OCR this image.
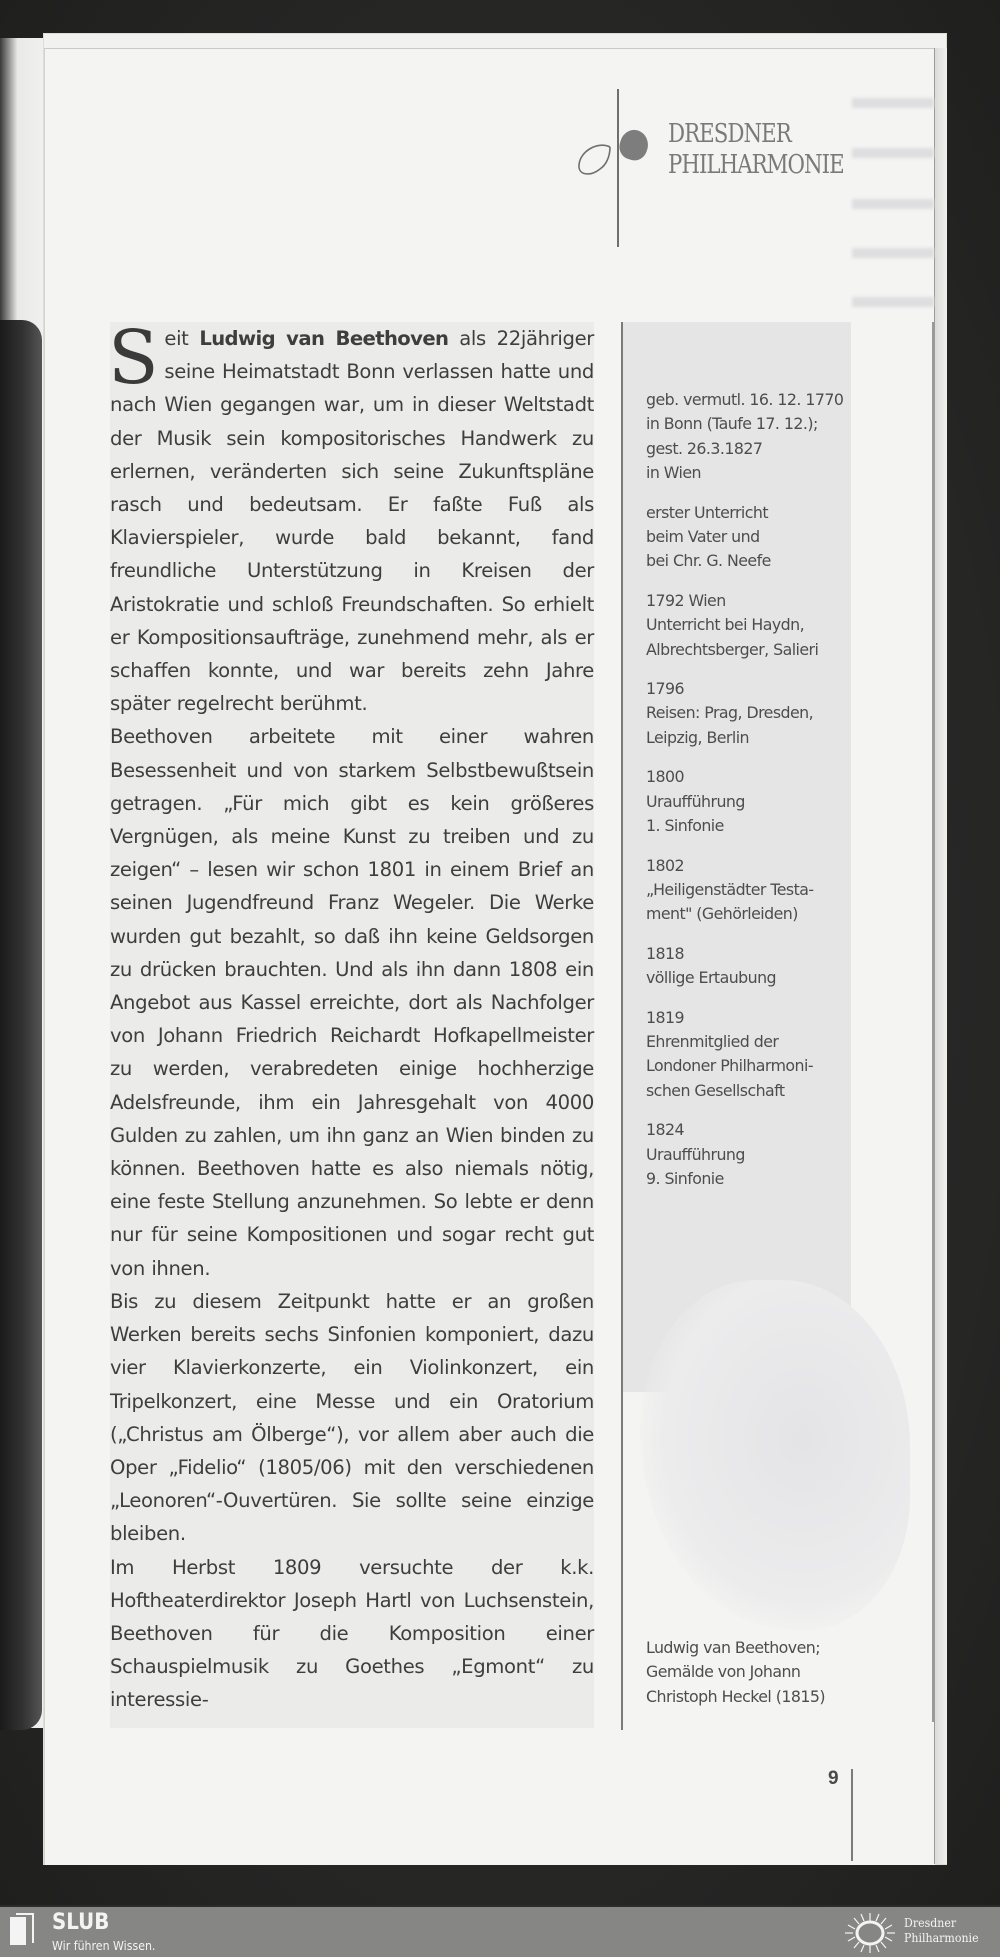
DRESDNER
PHILHARMONIE

Seit Ludwig van Beethoven als 22jähriger seine Heimatstadt Bonn verlassen hatte und nach Wien gegangen war, um in dieser Weltstadt der Musik sein kompositorisches Handwerk zu erlernen, veränderten sich seine Zukunftspläne rasch und bedeutsam. Er faßte Fuß als Klavierspieler, wurde bald bekannt, fand freundliche Unterstützung in Kreisen der Aristokratie und schloß Freundschaften. So erhielt er Kompositionsaufträge, zunehmend mehr, als er schaffen konnte, und war bereits zehn Jahre später regelrecht berühmt.

Beethoven arbeitete mit einer wahren Besessenheit und von starkem Selbstbewußtsein getragen. „Für mich gibt es kein größeres Vergnügen, als meine Kunst zu treiben und zu zeigen“ – lesen wir schon 1801 in einem Brief an seinen Jugendfreund Franz Wegeler. Die Werke wurden gut bezahlt, so daß ihn keine Geldsorgen zu drücken brauchten. Und als ihn dann 1808 ein Angebot aus Kassel erreichte, dort als Nachfolger von Johann Friedrich Reichardt Hofkapellmeister zu werden, verabredeten einige hochherzige Adelsfreunde, ihm ein Jahresgehalt von 4000 Gulden zu zahlen, um ihn ganz an Wien binden zu können. Beethoven hatte es also niemals nötig, eine feste Stellung anzunehmen. So lebte er denn nur für seine Kompositionen und sogar recht gut von ihnen.

Bis zu diesem Zeitpunkt hatte er an großen Werken bereits sechs Sinfonien komponiert, dazu vier Klavierkonzerte, ein Violinkonzert, ein Tripelkonzert, eine Messe und ein Oratorium („Christus am Ölberge“), vor allem aber auch die Oper „Fidelio“ (1805/06) mit den verschiedenen „Leonoren“-Ouvertüren. Sie sollte seine einzige bleiben.

Im Herbst 1809 versuchte der k.k. Hoftheaterdirektor Joseph Hartl von Luchsenstein, Beethoven für die Komposition einer Schauspielmusik zu Goethes „Egmont“ zu interessie-

geb. vermutl. 16. 12. 1770
in Bonn (Taufe 17. 12.);
gest. 26.3.1827
in Wien
erster Unterricht
beim Vater und
bei Chr. G. Neefe
1792 Wien
Unterricht bei Haydn,
Albrechtsberger, Salieri
1796
Reisen: Prag, Dresden,
Leipzig, Berlin
1800
Uraufführung
1. Sinfonie
1802
„Heiligenstädter Testa-
ment" (Gehörleiden)
1818
völlige Ertaubung
1819
Ehrenmitglied der
Londoner Philharmoni-
schen Gesellschaft
1824
Uraufführung
9. Sinfonie
Ludwig van Beethoven;
Gemälde von Johann
Christoph Heckel (1815)
9
SLUB
Wir führen Wissen.
Dresdner
Philharmonie
